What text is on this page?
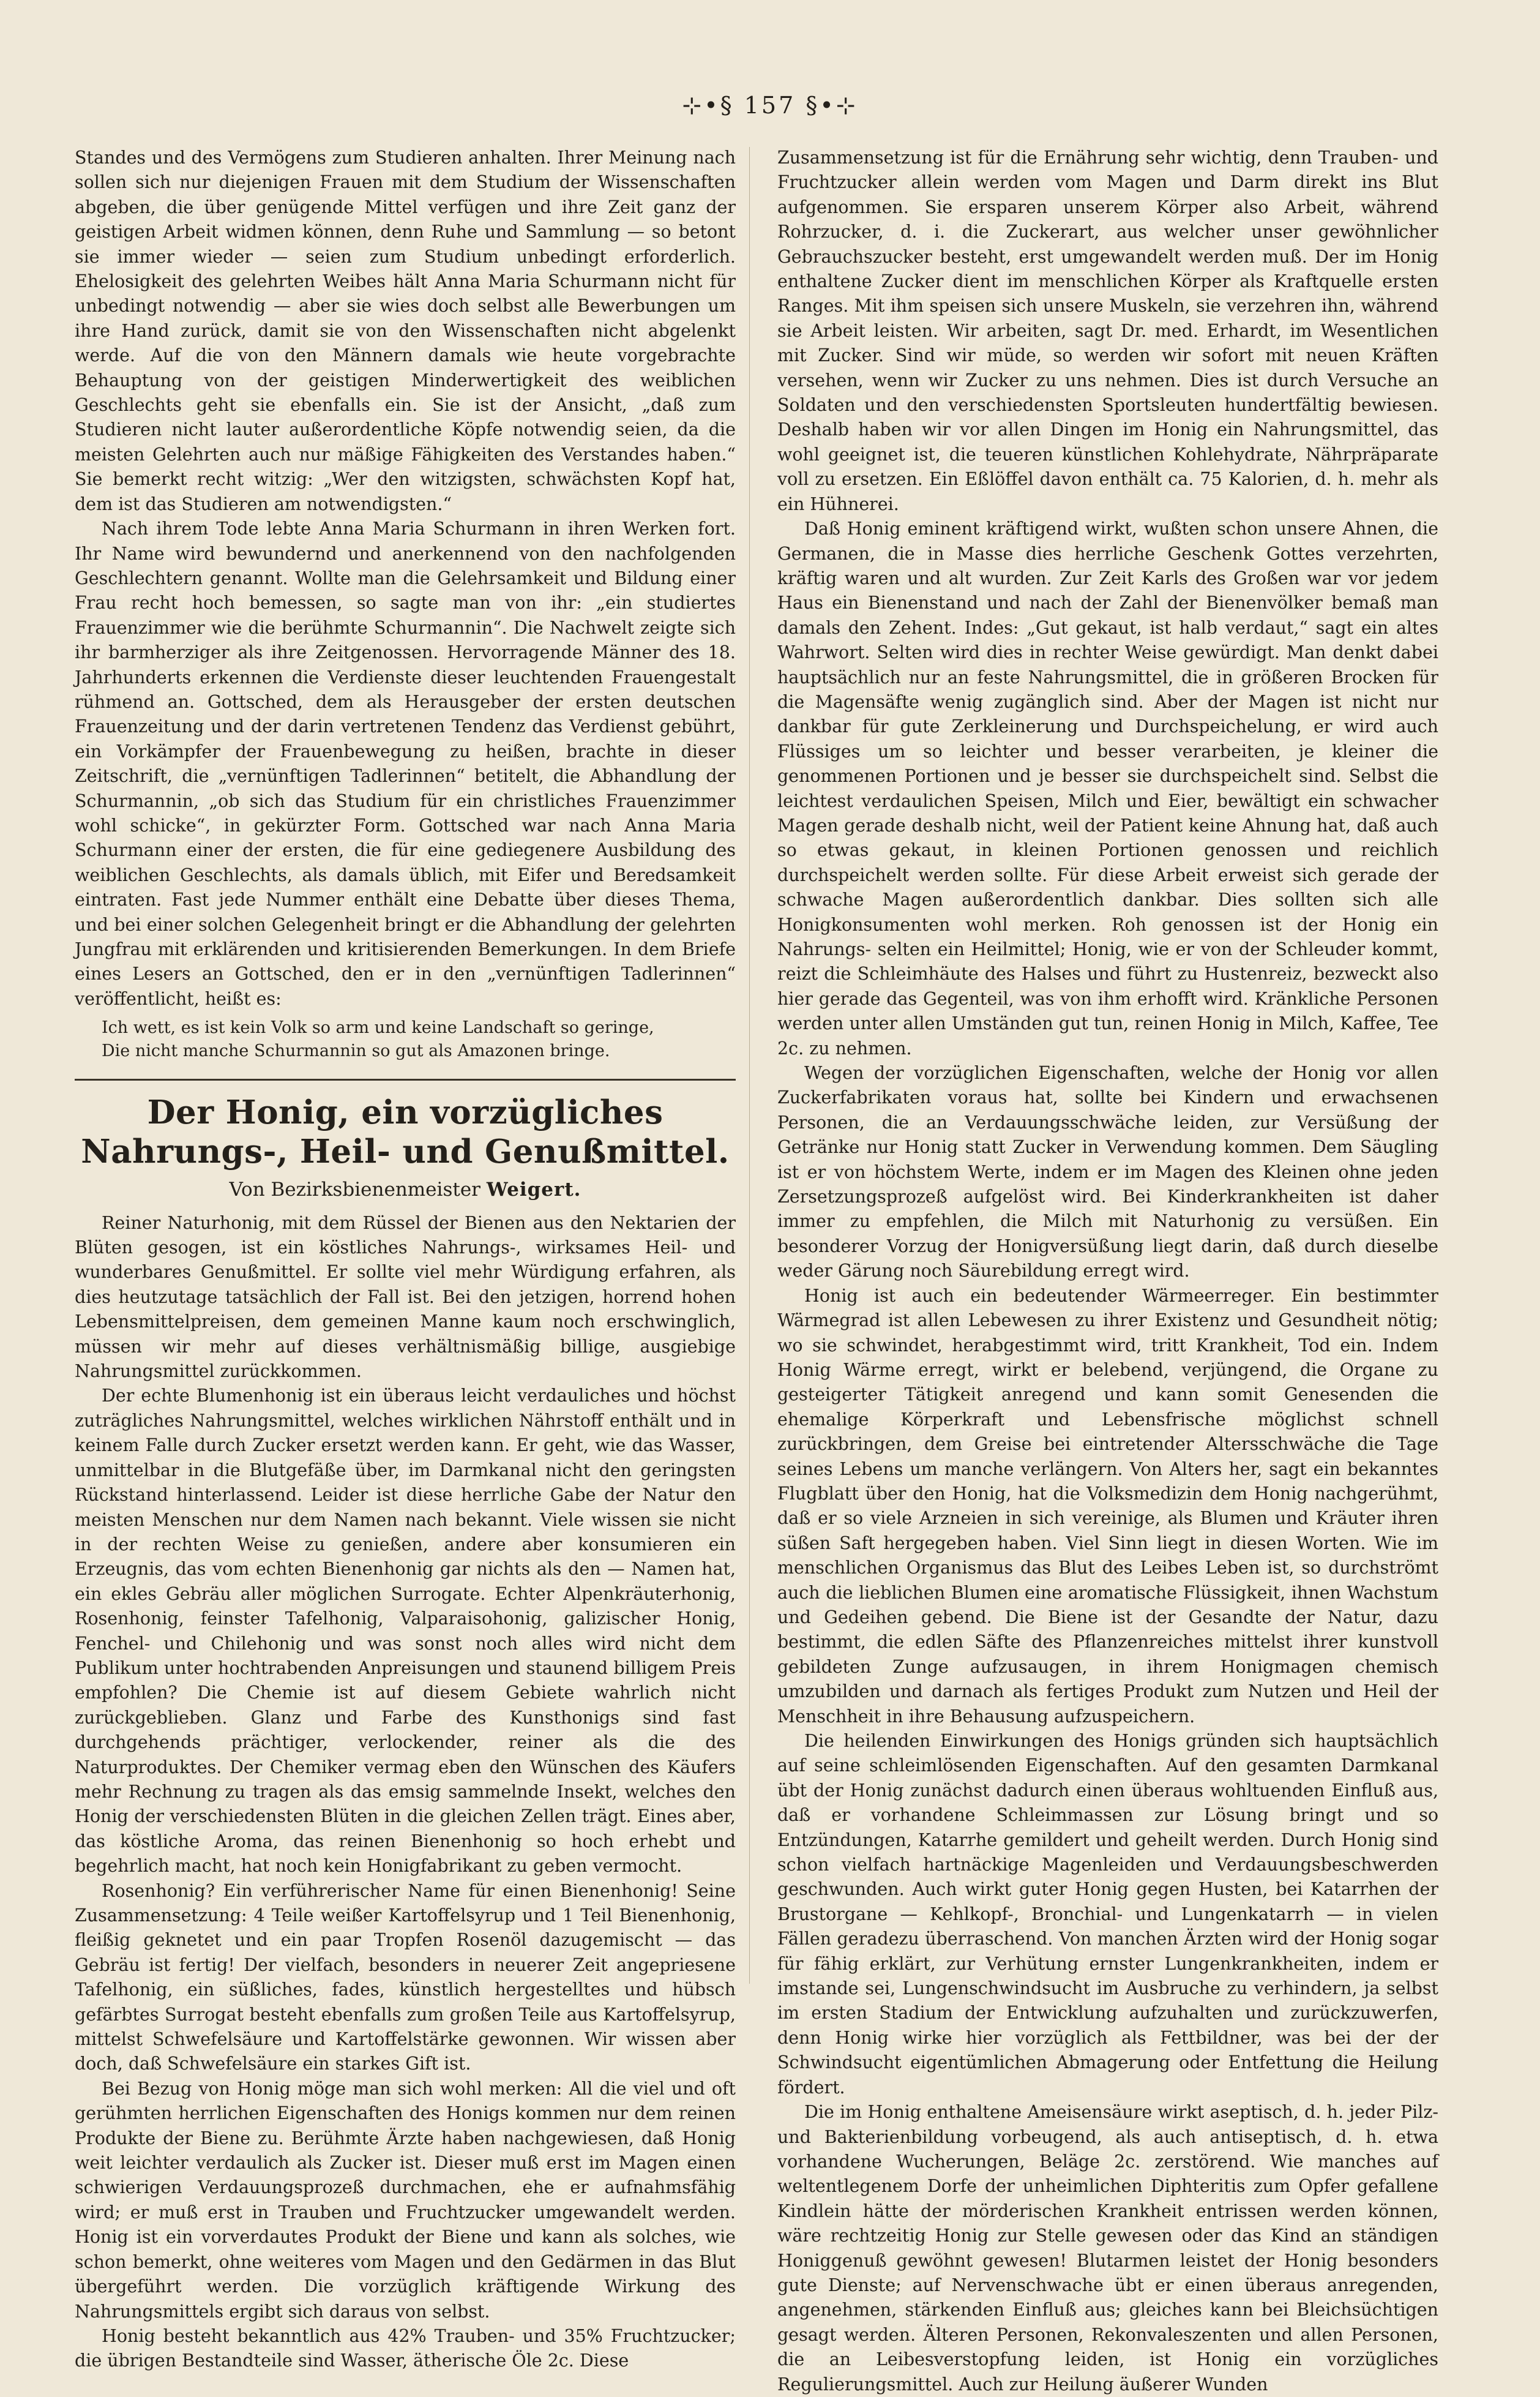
⊹•§ 157 §•⊹

Standes und des Vermögens zum Studieren anhalten. Ihrer Meinung nach sollen sich nur diejenigen Frauen mit dem Studium der Wissenschaften abgeben, die über genügende Mittel verfügen und ihre Zeit ganz der geistigen Arbeit widmen können, denn Ruhe und Sammlung — so betont sie immer wieder — seien zum Studium unbedingt erforderlich. Ehelosigkeit des gelehrten Weibes hält Anna Maria Schurmann nicht für unbedingt notwendig — aber sie wies doch selbst alle Bewerbungen um ihre Hand zurück, damit sie von den Wissenschaften nicht abgelenkt werde. Auf die von den Männern damals wie heute vorgebrachte Behauptung von der geistigen Minderwertigkeit des weiblichen Geschlechts geht sie ebenfalls ein. Sie ist der Ansicht, „daß zum Studieren nicht lauter außerordentliche Köpfe notwendig seien, da die meisten Gelehrten auch nur mäßige Fähigkeiten des Verstandes haben.“ Sie bemerkt recht witzig: „Wer den witzigsten, schwächsten Kopf hat, dem ist das Studieren am notwendigsten.“

Nach ihrem Tode lebte Anna Maria Schurmann in ihren Werken fort. Ihr Name wird bewundernd und anerkennend von den nachfolgenden Geschlechtern genannt. Wollte man die Gelehrsamkeit und Bildung einer Frau recht hoch bemessen, so sagte man von ihr: „ein studiertes Frauenzimmer wie die berühmte Schurmannin“. Die Nachwelt zeigte sich ihr barmherziger als ihre Zeitgenossen. Hervorragende Männer des 18. Jahrhunderts erkennen die Verdienste dieser leuchtenden Frauengestalt rühmend an. Gottsched, dem als Herausgeber der ersten deutschen Frauenzeitung und der darin vertretenen Tendenz das Verdienst gebührt, ein Vorkämpfer der Frauenbewegung zu heißen, brachte in dieser Zeitschrift, die „vernünftigen Tadlerinnen“ betitelt, die Abhandlung der Schurmannin, „ob sich das Studium für ein christliches Frauenzimmer wohl schicke“, in gekürzter Form. Gottsched war nach Anna Maria Schurmann einer der ersten, die für eine gediegenere Ausbildung des weiblichen Geschlechts, als damals üblich, mit Eifer und Beredsamkeit eintraten. Fast jede Nummer enthält eine Debatte über dieses Thema, und bei einer solchen Gelegenheit bringt er die Abhandlung der gelehrten Jungfrau mit erklärenden und kritisierenden Bemerkungen. In dem Briefe eines Lesers an Gottsched, den er in den „vernünftigen Tadlerinnen“ veröffentlicht, heißt es:

Ich wett, es ist kein Volk so arm und keine Landschaft so geringe,
Die nicht manche Schurmannin so gut als Amazonen bringe.
Der Honig, ein vorzügliches Nahrungs-, Heil- und Genußmittel.
Von Bezirksbienenmeister Weigert.

Reiner Naturhonig, mit dem Rüssel der Bienen aus den Nektarien der Blüten gesogen, ist ein köstliches Nahrungs-, wirksames Heil- und wunderbares Genußmittel. Er sollte viel mehr Würdigung erfahren, als dies heutzutage tatsächlich der Fall ist. Bei den jetzigen, horrend hohen Lebensmittelpreisen, dem gemeinen Manne kaum noch erschwinglich, müssen wir mehr auf dieses verhältnismäßig billige, ausgiebige Nahrungsmittel zurückkommen.

Der echte Blumenhonig ist ein überaus leicht verdauliches und höchst zuträgliches Nahrungsmittel, welches wirklichen Nährstoff enthält und in keinem Falle durch Zucker ersetzt werden kann. Er geht, wie das Wasser, unmittelbar in die Blutgefäße über, im Darmkanal nicht den geringsten Rückstand hinterlassend. Leider ist diese herrliche Gabe der Natur den meisten Menschen nur dem Namen nach bekannt. Viele wissen sie nicht in der rechten Weise zu genießen, andere aber konsumieren ein Erzeugnis, das vom echten Bienenhonig gar nichts als den — Namen hat, ein ekles Gebräu aller möglichen Surrogate. Echter Alpenkräuterhonig, Rosenhonig, feinster Tafelhonig, Valparaisohonig, galizischer Honig, Fenchel- und Chilehonig und was sonst noch alles wird nicht dem Publikum unter hochtrabenden Anpreisungen und staunend billigem Preis empfohlen? Die Chemie ist auf diesem Gebiete wahrlich nicht zurückgeblieben. Glanz und Farbe des Kunsthonigs sind fast durchgehends prächtiger, verlockender, reiner als die des Naturproduktes. Der Chemiker vermag eben den Wünschen des Käufers mehr Rechnung zu tragen als das emsig sammelnde Insekt, welches den Honig der verschiedensten Blüten in die gleichen Zellen trägt. Eines aber, das köstliche Aroma, das reinen Bienenhonig so hoch erhebt und begehrlich macht, hat noch kein Honigfabrikant zu geben vermocht.

Rosenhonig? Ein verführerischer Name für einen Bienenhonig! Seine Zusammensetzung: 4 Teile weißer Kartoffelsyrup und 1 Teil Bienenhonig, fleißig geknetet und ein paar Tropfen Rosenöl dazugemischt — das Gebräu ist fertig! Der vielfach, besonders in neuerer Zeit angepriesene Tafelhonig, ein süßliches, fades, künstlich hergestelltes und hübsch gefärbtes Surrogat besteht ebenfalls zum großen Teile aus Kartoffelsyrup, mittelst Schwefelsäure und Kartoffelstärke gewonnen. Wir wissen aber doch, daß Schwefelsäure ein starkes Gift ist.

Bei Bezug von Honig möge man sich wohl merken: All die viel und oft gerühmten herrlichen Eigenschaften des Honigs kommen nur dem reinen Produkte der Biene zu. Berühmte Ärzte haben nachgewiesen, daß Honig weit leichter verdaulich als Zucker ist. Dieser muß erst im Magen einen schwierigen Verdauungsprozeß durchmachen, ehe er aufnahmsfähig wird; er muß erst in Trauben und Fruchtzucker umgewandelt werden. Honig ist ein vorverdautes Produkt der Biene und kann als solches, wie schon bemerkt, ohne weiteres vom Magen und den Gedärmen in das Blut übergeführt werden. Die vorzüglich kräftigende Wirkung des Nahrungsmittels ergibt sich daraus von selbst.

Honig besteht bekanntlich aus 42% Trauben- und 35% Fruchtzucker; die übrigen Bestandteile sind Wasser, ätherische Öle 2c. Diese

Zusammensetzung ist für die Ernährung sehr wichtig, denn Trauben- und Fruchtzucker allein werden vom Magen und Darm direkt ins Blut aufgenommen. Sie ersparen unserem Körper also Arbeit, während Rohrzucker, d. i. die Zuckerart, aus welcher unser gewöhnlicher Gebrauchszucker besteht, erst umgewandelt werden muß. Der im Honig enthaltene Zucker dient im menschlichen Körper als Kraftquelle ersten Ranges. Mit ihm speisen sich unsere Muskeln, sie verzehren ihn, während sie Arbeit leisten. Wir arbeiten, sagt Dr. med. Erhardt, im Wesentlichen mit Zucker. Sind wir müde, so werden wir sofort mit neuen Kräften versehen, wenn wir Zucker zu uns nehmen. Dies ist durch Versuche an Soldaten und den verschiedensten Sportsleuten hundertfältig bewiesen. Deshalb haben wir vor allen Dingen im Honig ein Nahrungsmittel, das wohl geeignet ist, die teueren künstlichen Kohlehydrate, Nährpräparate voll zu ersetzen. Ein Eßlöffel davon enthält ca. 75 Kalorien, d. h. mehr als ein Hühnerei.

Daß Honig eminent kräftigend wirkt, wußten schon unsere Ahnen, die Germanen, die in Masse dies herrliche Geschenk Gottes verzehrten, kräftig waren und alt wurden. Zur Zeit Karls des Großen war vor jedem Haus ein Bienenstand und nach der Zahl der Bienenvölker bemaß man damals den Zehent. Indes: „Gut gekaut, ist halb verdaut,“ sagt ein altes Wahrwort. Selten wird dies in rechter Weise gewürdigt. Man denkt dabei hauptsächlich nur an feste Nahrungsmittel, die in größeren Brocken für die Magensäfte wenig zugänglich sind. Aber der Magen ist nicht nur dankbar für gute Zerkleinerung und Durchspeichelung, er wird auch Flüssiges um so leichter und besser verarbeiten, je kleiner die genommenen Portionen und je besser sie durchspeichelt sind. Selbst die leichtest verdaulichen Speisen, Milch und Eier, bewältigt ein schwacher Magen gerade deshalb nicht, weil der Patient keine Ahnung hat, daß auch so etwas gekaut, in kleinen Portionen genossen und reichlich durchspeichelt werden sollte. Für diese Arbeit erweist sich gerade der schwache Magen außerordentlich dankbar. Dies sollten sich alle Honigkonsumenten wohl merken. Roh genossen ist der Honig ein Nahrungs- selten ein Heilmittel; Honig, wie er von der Schleuder kommt, reizt die Schleimhäute des Halses und führt zu Hustenreiz, bezweckt also hier gerade das Gegenteil, was von ihm erhofft wird. Kränkliche Personen werden unter allen Umständen gut tun, reinen Honig in Milch, Kaffee, Tee 2c. zu nehmen.

Wegen der vorzüglichen Eigenschaften, welche der Honig vor allen Zuckerfabrikaten voraus hat, sollte bei Kindern und erwachsenen Personen, die an Verdauungsschwäche leiden, zur Versüßung der Getränke nur Honig statt Zucker in Verwendung kommen. Dem Säugling ist er von höchstem Werte, indem er im Magen des Kleinen ohne jeden Zersetzungsprozeß aufgelöst wird. Bei Kinderkrankheiten ist daher immer zu empfehlen, die Milch mit Naturhonig zu versüßen. Ein besonderer Vorzug der Honigversüßung liegt darin, daß durch dieselbe weder Gärung noch Säurebildung erregt wird.

Honig ist auch ein bedeutender Wärmeerreger. Ein bestimmter Wärmegrad ist allen Lebewesen zu ihrer Existenz und Gesundheit nötig; wo sie schwindet, herabgestimmt wird, tritt Krankheit, Tod ein. Indem Honig Wärme erregt, wirkt er belebend, verjüngend, die Organe zu gesteigerter Tätigkeit anregend und kann somit Genesenden die ehemalige Körperkraft und Lebensfrische möglichst schnell zurückbringen, dem Greise bei eintretender Altersschwäche die Tage seines Lebens um manche verlängern. Von Alters her, sagt ein bekanntes Flugblatt über den Honig, hat die Volksmedizin dem Honig nachgerühmt, daß er so viele Arzneien in sich vereinige, als Blumen und Kräuter ihren süßen Saft hergegeben haben. Viel Sinn liegt in diesen Worten. Wie im menschlichen Organismus das Blut des Leibes Leben ist, so durchströmt auch die lieblichen Blumen eine aromatische Flüssigkeit, ihnen Wachstum und Gedeihen gebend. Die Biene ist der Gesandte der Natur, dazu bestimmt, die edlen Säfte des Pflanzenreiches mittelst ihrer kunstvoll gebildeten Zunge aufzusaugen, in ihrem Honigmagen chemisch umzubilden und darnach als fertiges Produkt zum Nutzen und Heil der Menschheit in ihre Behausung aufzuspeichern.

Die heilenden Einwirkungen des Honigs gründen sich hauptsächlich auf seine schleimlösenden Eigenschaften. Auf den gesamten Darmkanal übt der Honig zunächst dadurch einen überaus wohltuenden Einfluß aus, daß er vorhandene Schleimmassen zur Lösung bringt und so Entzündungen, Katarrhe gemildert und geheilt werden. Durch Honig sind schon vielfach hartnäckige Magenleiden und Verdauungsbeschwerden geschwunden. Auch wirkt guter Honig gegen Husten, bei Katarrhen der Brustorgane — Kehlkopf-, Bronchial- und Lungenkatarrh — in vielen Fällen geradezu überraschend. Von manchen Ärzten wird der Honig sogar für fähig erklärt, zur Verhütung ernster Lungenkrankheiten, indem er imstande sei, Lungenschwindsucht im Ausbruche zu verhindern, ja selbst im ersten Stadium der Entwicklung aufzuhalten und zurückzuwerfen, denn Honig wirke hier vorzüglich als Fettbildner, was bei der der Schwindsucht eigentümlichen Abmagerung oder Entfettung die Heilung fördert.

Die im Honig enthaltene Ameisensäure wirkt aseptisch, d. h. jeder Pilz- und Bakterienbildung vorbeugend, als auch antiseptisch, d. h. etwa vorhandene Wucherungen, Beläge 2c. zerstörend. Wie manches auf weltentlegenem Dorfe der unheimlichen Diphteritis zum Opfer gefallene Kindlein hätte der mörderischen Krankheit entrissen werden können, wäre rechtzeitig Honig zur Stelle gewesen oder das Kind an ständigen Honiggenuß gewöhnt gewesen! Blutarmen leistet der Honig besonders gute Dienste; auf Nervenschwache übt er einen überaus anregenden, angenehmen, stärkenden Einfluß aus; gleiches kann bei Bleichsüchtigen gesagt werden. Älteren Personen, Rekonvaleszenten und allen Personen, die an Leibesverstopfung leiden, ist Honig ein vorzügliches Regulierungsmittel. Auch zur Heilung äußerer Wunden
